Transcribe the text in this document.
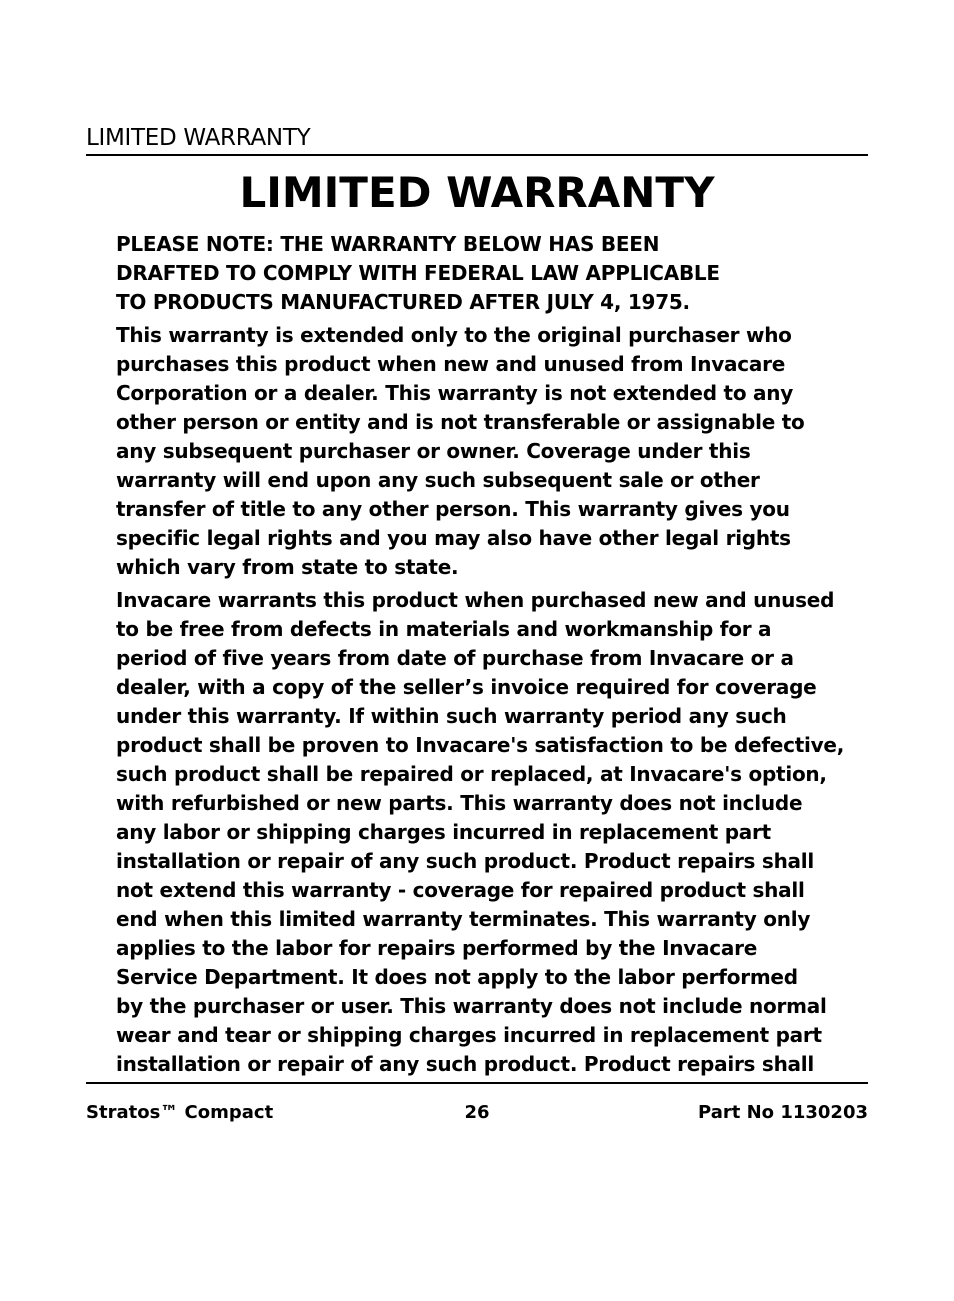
LIMITED WARRANTY
LIMITED WARRANTY

PLEASE NOTE: THE WARRANTY BELOW HAS BEEN
DRAFTED TO COMPLY WITH FEDERAL LAW APPLICABLE
TO PRODUCTS MANUFACTURED AFTER JULY 4, 1975.

This warranty is extended only to the original purchaser who
purchases this product when new and unused from Invacare
Corporation or a dealer. This warranty is not extended to any
other person or entity and is not transferable or assignable to
any subsequent purchaser or owner. Coverage under this
warranty will end upon any such subsequent sale or other
transfer of title to any other person. This warranty gives you
specific legal rights and you may also have other legal rights
which vary from state to state.

Invacare warrants this product when purchased new and unused
to be free from defects in materials and workmanship for a
period of five years from date of purchase from Invacare or a
dealer, with a copy of the seller’s invoice required for coverage
under this warranty. If within such warranty period any such
product shall be proven to Invacare's satisfaction to be defective,
such product shall be repaired or replaced, at Invacare's option,
with refurbished or new parts. This warranty does not include
any labor or shipping charges incurred in replacement part
installation or repair of any such product. Product repairs shall
not extend this warranty - coverage for repaired product shall
end when this limited warranty terminates. This warranty only
applies to the labor for repairs performed by the Invacare
Service Department. It does not apply to the labor performed
by the purchaser or user. This warranty does not include normal
wear and tear or shipping charges incurred in replacement part
installation or repair of any such product. Product repairs shall

Stratos™ Compact	26	Part No 1130203
